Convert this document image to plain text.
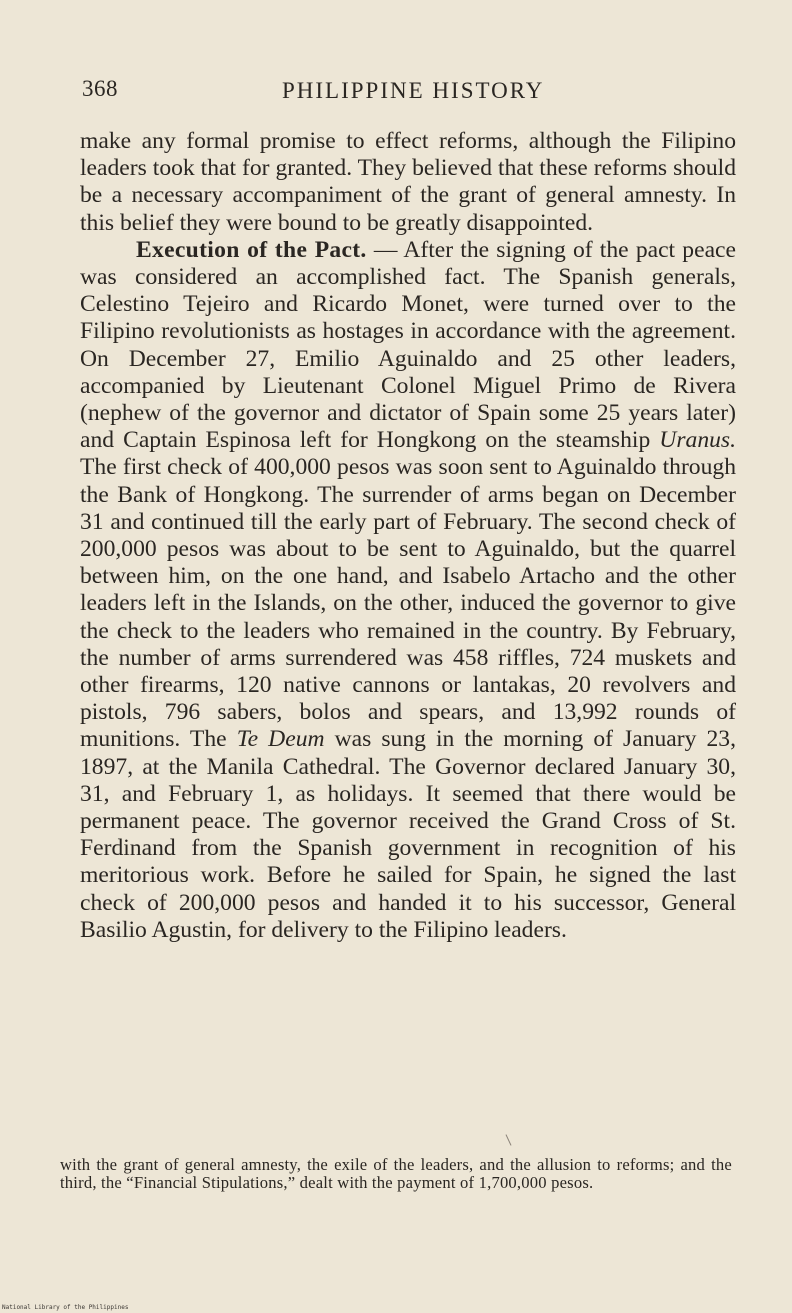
368	PHILIPPINE HISTORY

make any formal promise to effect reforms, although the Filipino leaders took that for granted. They believed that these reforms should be a necessary accompaniment of the grant of general amnesty. In this belief they were bound to be greatly disappointed.

Execution of the Pact. — After the signing of the pact peace was considered an accomplished fact. The Spanish generals, Celestino Tejeiro and Ricardo Monet, were turned over to the Filipino revolutionists as hostages in accordance with the agreement. On December 27, Emilio Aguinaldo and 25 other leaders, accompanied by Lieutenant Colonel Miguel Primo de Rivera (nephew of the governor and dictator of Spain some 25 years later) and Captain Espinosa left for Hongkong on the steamship Uranus. The first check of 400,000 pesos was soon sent to Aguinaldo through the Bank of Hongkong. The surrender of arms began on December 31 and continued till the early part of February. The second check of 200,000 pesos was about to be sent to Aguinaldo, but the quarrel between him, on the one hand, and Isabelo Artacho and the other leaders left in the Islands, on the other, induced the governor to give the check to the leaders who remained in the country. By February, the number of arms surrendered was 458 riffles, 724 muskets and other firearms, 120 native cannons or lantakas, 20 revolvers and pistols, 796 sabers, bolos and spears, and 13,992 rounds of munitions. The Te Deum was sung in the morning of January 23, 1897, at the Manila Cathedral. The Governor declared January 30, 31, and February 1, as holidays. It seemed that there would be permanent peace. The governor received the Grand Cross of St. Ferdinand from the Spanish government in recognition of his meritorious work. Before he sailed for Spain, he signed the last check of 200,000 pesos and handed it to his successor, General Basilio Agustin, for delivery to the Filipino leaders.

with the grant of general amnesty, the exile of the leaders, and the allusion to reforms; and the third, the “Financial Stipulations,” dealt with the payment of 1,700,000 pesos.

National Library of the Philippines
